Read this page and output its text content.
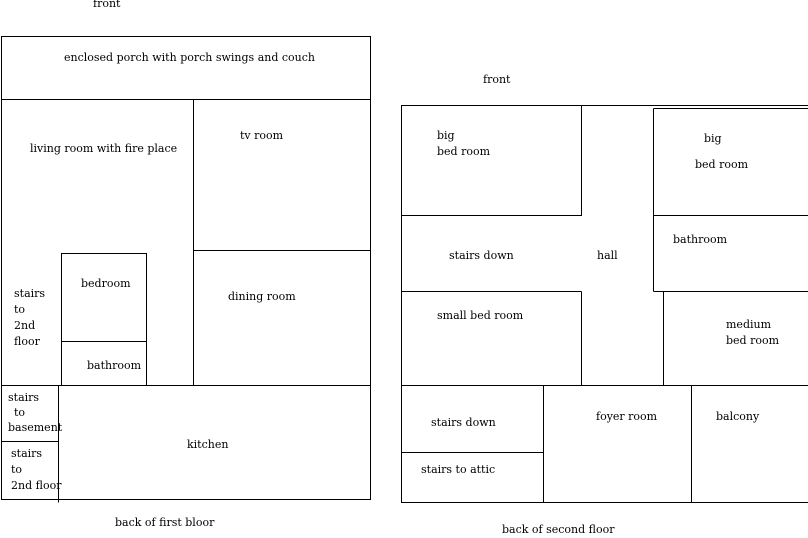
front
enclosed porch with porch swings and couch
living room with fire place
tv room
bedroom
dining room
bathroom
stairs
to
2nd
floor
stairs
to
basement
stairs
to
2nd floor
kitchen
back of first bloor
front
big
bed room
big
bed room
hall
bathroom
stairs down
small bed room
medium
bed room
stairs down	foyer room	balcony
stairs to attic
back of second floor
